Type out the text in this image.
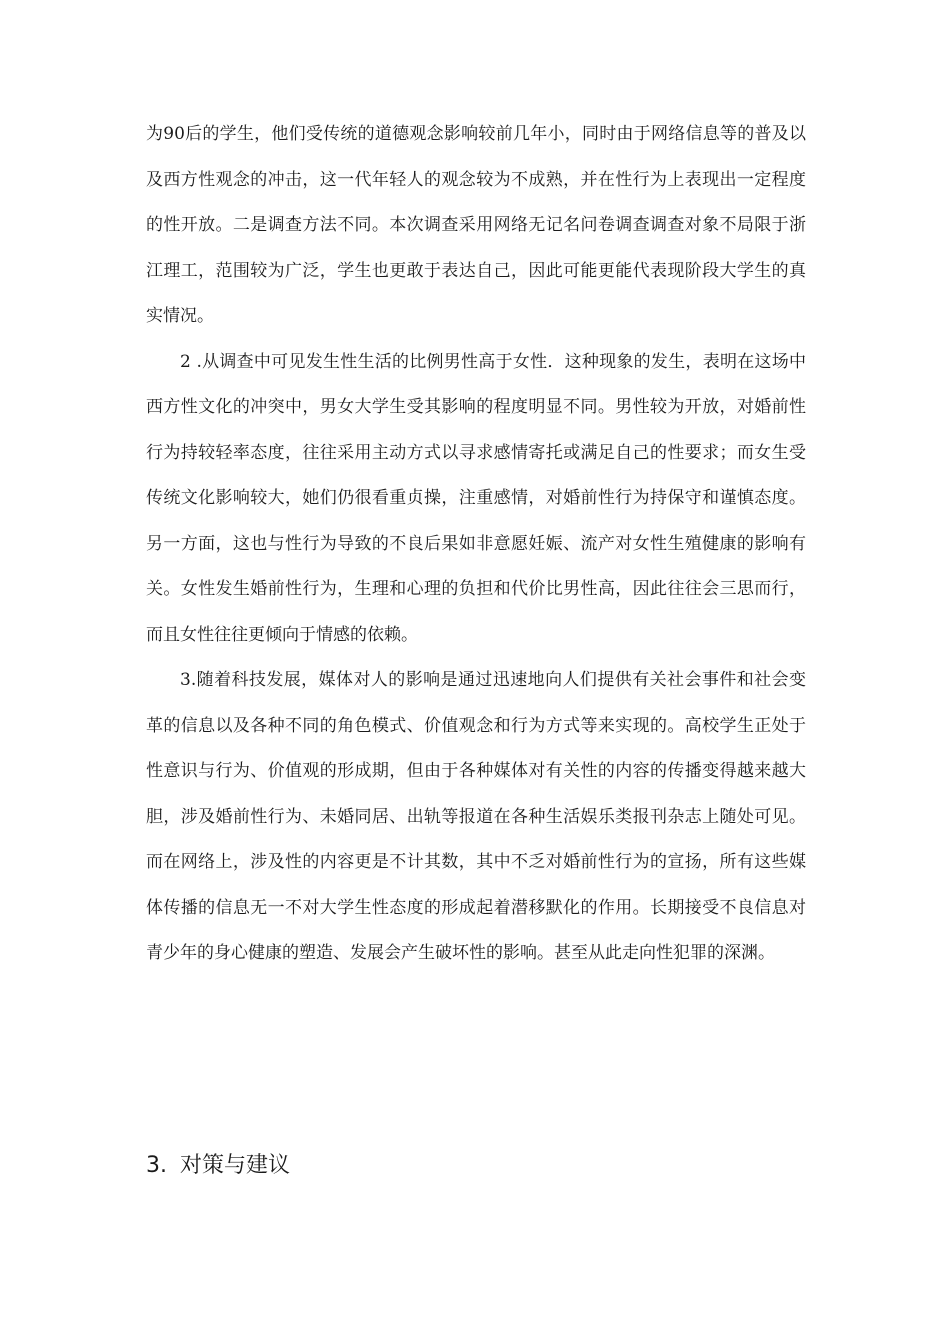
为90后的学生，他们受传统的道德观念影响较前几年小，同时由于网络信息等的普及以及西方性观念的冲击，这一代年轻人的观念较为不成熟，并在性行为上表现出一定程度的性开放。二是调查方法不同。本次调查采用网络无记名问卷调查调查对象不局限于浙江理工，范围较为广泛，学生也更敢于表达自己，因此可能更能代表现阶段大学生的真实情况。

2 .从调查中可见发生性生活的比例男性高于女性．这种现象的发生，表明在这场中西方性文化的冲突中，男女大学生受其影响的程度明显不同。男性较为开放，对婚前性行为持较轻率态度，往往采用主动方式以寻求感情寄托或满足自己的性要求；而女生受传统文化影响较大，她们仍很看重贞操，注重感情，对婚前性行为持保守和谨慎态度。另一方面，这也与性行为导致的不良后果如非意愿妊娠、流产对女性生殖健康的影响有关。女性发生婚前性行为，生理和心理的负担和代价比男性高，因此往往会三思而行，而且女性往往更倾向于情感的依赖。

3.随着科技发展，媒体对人的影响是通过迅速地向人们提供有关社会事件和社会变革的信息以及各种不同的角色模式、价值观念和行为方式等来实现的。高校学生正处于性意识与行为、价值观的形成期，但由于各种媒体对有关性的内容的传播变得越来越大胆，涉及婚前性行为、未婚同居、出轨等报道在各种生活娱乐类报刊杂志上随处可见。而在网络上，涉及性的内容更是不计其数，其中不乏对婚前性行为的宣扬，所有这些媒体传播的信息无一不对大学生性态度的形成起着潜移默化的作用。长期接受不良信息对青少年的身心健康的塑造、发展会产生破坏性的影响。甚至从此走向性犯罪的深渊。

3. 对策与建议
